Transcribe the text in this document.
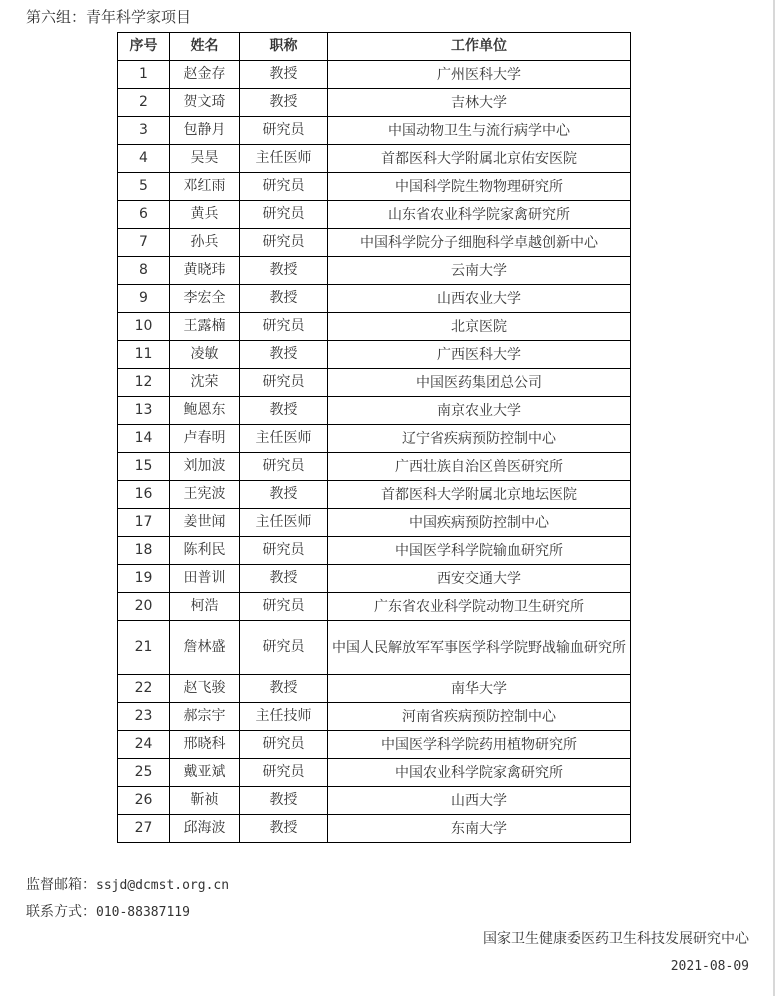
第六组：青年科学家项目
序号	姓名	职称	工作单位
1	赵金存	教授	广州医科大学
2	贺文琦	教授	吉林大学
3	包静月	研究员	中国动物卫生与流行病学中心
4	吴昊	主任医师	首都医科大学附属北京佑安医院
5	邓红雨	研究员	中国科学院生物物理研究所
6	黄兵	研究员	山东省农业科学院家禽研究所
7	孙兵	研究员	中国科学院分子细胞科学卓越创新中心
8	黄晓玮	教授	云南大学
9	李宏全	教授	山西农业大学
10	王露楠	研究员	北京医院
11	凌敏	教授	广西医科大学
12	沈荣	研究员	中国医药集团总公司
13	鲍恩东	教授	南京农业大学
14	卢春明	主任医师	辽宁省疾病预防控制中心
15	刘加波	研究员	广西壮族自治区兽医研究所
16	王宪波	教授	首都医科大学附属北京地坛医院
17	姜世闻	主任医师	中国疾病预防控制中心
18	陈利民	研究员	中国医学科学院输血研究所
19	田普训	教授	西安交通大学
20	柯浩	研究员	广东省农业科学院动物卫生研究所
21	詹林盛	研究员	中国人民解放军军事医学科学院野战输血研究所
22	赵飞骏	教授	南华大学
23	郝宗宇	主任技师	河南省疾病预防控制中心
24	邢晓科	研究员	中国医学科学院药用植物研究所
25	戴亚斌	研究员	中国农业科学院家禽研究所
26	靳祯	教授	山西大学
27	邱海波	教授	东南大学
监督邮箱：ssjd@dcmst.org.cn
联系方式：010-88387119
国家卫生健康委医药卫生科技发展研究中心
2021-08-09
